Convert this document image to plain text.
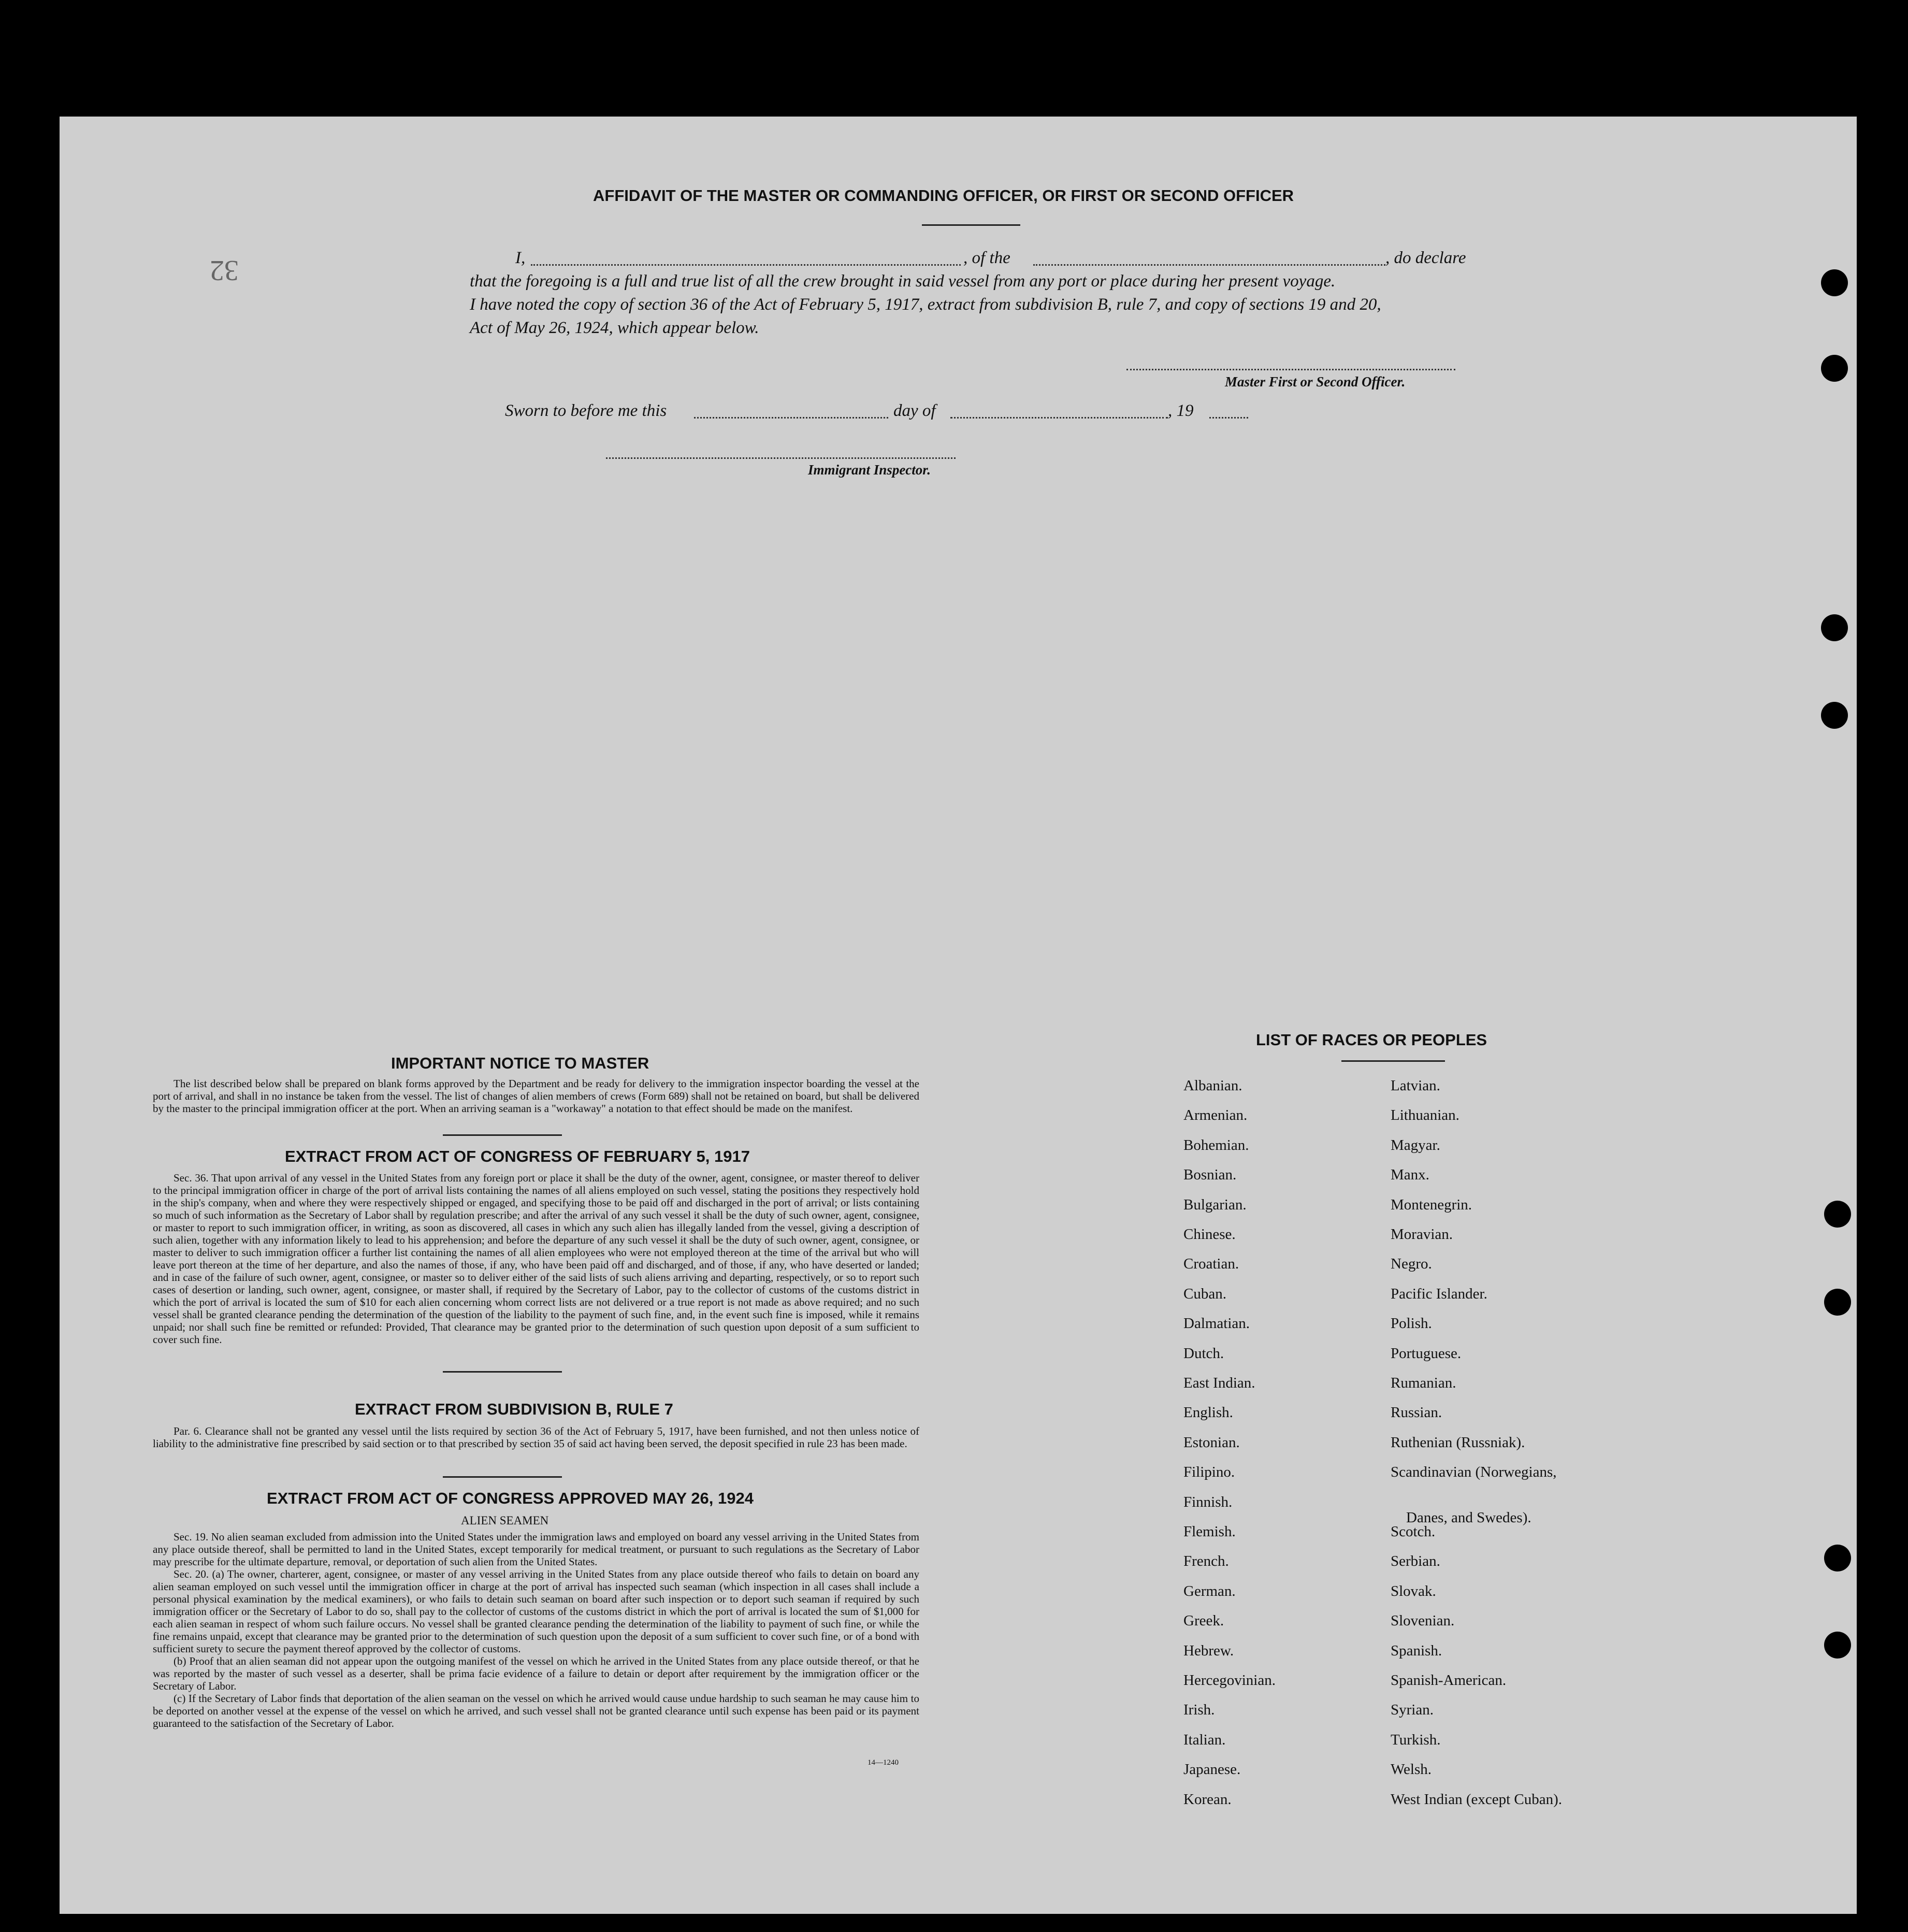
32
AFFIDAVIT OF THE MASTER OR COMMANDING OFFICER, OR FIRST OR SECOND OFFICER
I,	, of the	, do declare
that the foregoing is a full and true list of all the crew brought in said vessel from any port or place during her present voyage.
I have noted the copy of section 36 of the Act of February 5, 1917, extract from subdivision B, rule 7, and copy of sections 19 and 20,
Act of May 26, 1924, which appear below.
Master First or Second Officer.
Sworn to before me this	day of	, 19
Immigrant Inspector.
IMPORTANT NOTICE TO MASTER
The list described below shall be prepared on blank forms approved by the Department and be ready for delivery to the immigration inspector boarding the vessel at the port of arrival, and shall in no instance be taken from the vessel. The list of changes of alien members of crews (Form 689) shall not be retained on board, but shall be delivered by the master to the principal immigration officer at the port. When an arriving seaman is a "workaway" a notation to that effect should be made on the manifest.
EXTRACT FROM ACT OF CONGRESS OF FEBRUARY 5, 1917
Sec. 36. That upon arrival of any vessel in the United States from any foreign port or place it shall be the duty of the owner, agent, consignee, or master thereof to deliver to the principal immigration officer in charge of the port of arrival lists containing the names of all aliens employed on such vessel, stating the positions they respectively hold in the ship's company, when and where they were respectively shipped or engaged, and specifying those to be paid off and discharged in the port of arrival; or lists containing so much of such information as the Secretary of Labor shall by regulation prescribe; and after the arrival of any such vessel it shall be the duty of such owner, agent, consignee, or master to report to such immigration officer, in writing, as soon as discovered, all cases in which any such alien has illegally landed from the vessel, giving a description of such alien, together with any information likely to lead to his apprehension; and before the departure of any such vessel it shall be the duty of such owner, agent, consignee, or master to deliver to such immigration officer a further list containing the names of all alien employees who were not employed thereon at the time of the arrival but who will leave port thereon at the time of her departure, and also the names of those, if any, who have been paid off and discharged, and of those, if any, who have deserted or landed; and in case of the failure of such owner, agent, consignee, or master so to deliver either of the said lists of such aliens arriving and departing, respectively, or so to report such cases of desertion or landing, such owner, agent, consignee, or master shall, if required by the Secretary of Labor, pay to the collector of customs of the customs district in which the port of arrival is located the sum of $10 for each alien concerning whom correct lists are not delivered or a true report is not made as above required; and no such vessel shall be granted clearance pending the determination of the question of the liability to the payment of such fine, and, in the event such fine is imposed, while it remains unpaid; nor shall such fine be remitted or refunded: Provided, That clearance may be granted prior to the determination of such question upon deposit of a sum sufficient to cover such fine.
EXTRACT FROM SUBDIVISION B, RULE 7
Par. 6. Clearance shall not be granted any vessel until the lists required by section 36 of the Act of February 5, 1917, have been furnished, and not then unless notice of liability to the administrative fine prescribed by said section or to that prescribed by section 35 of said act having been served, the deposit specified in rule 23 has been made.
EXTRACT FROM ACT OF CONGRESS APPROVED MAY 26, 1924
ALIEN SEAMEN
Sec. 19. No alien seaman excluded from admission into the United States under the immigration laws and employed on board any vessel arriving in the United States from any place outside thereof, shall be permitted to land in the United States, except temporarily for medical treatment, or pursuant to such regulations as the Secretary of Labor may prescribe for the ultimate departure, removal, or deportation of such alien from the United States.
Sec. 20. (a) The owner, charterer, agent, consignee, or master of any vessel arriving in the United States from any place outside thereof who fails to detain on board any alien seaman employed on such vessel until the immigration officer in charge at the port of arrival has inspected such seaman (which inspection in all cases shall include a personal physical examination by the medical examiners), or who fails to detain such seaman on board after such inspection or to deport such seaman if required by such immigration officer or the Secretary of Labor to do so, shall pay to the collector of customs of the customs district in which the port of arrival is located the sum of $1,000 for each alien seaman in respect of whom such failure occurs. No vessel shall be granted clearance pending the determination of the liability to payment of such fine, or while the fine remains unpaid, except that clearance may be granted prior to the determination of such question upon the deposit of a sum sufficient to cover such fine, or of a bond with sufficient surety to secure the payment thereof approved by the collector of customs.
(b) Proof that an alien seaman did not appear upon the outgoing manifest of the vessel on which he arrived in the United States from any place outside thereof, or that he was reported by the master of such vessel as a deserter, shall be prima facie evidence of a failure to detain or deport after requirement by the immigration officer or the Secretary of Labor.
(c) If the Secretary of Labor finds that deportation of the alien seaman on the vessel on which he arrived would cause undue hardship to such seaman he may cause him to be deported on another vessel at the expense of the vessel on which he arrived, and such vessel shall not be granted clearance until such expense has been paid or its payment guaranteed to the satisfaction of the Secretary of Labor.
14—1240
LIST OF RACES OR PEOPLES
Danes, and Swedes).
Albanian.
Armenian.
Bohemian.
Bosnian.
Bulgarian.
Chinese.
Croatian.
Cuban.
Dalmatian.
Dutch.
East Indian.
English.
Estonian.
Filipino.
Finnish.
Flemish.
French.
German.
Greek.
Hebrew.
Hercegovinian.
Irish.
Italian.
Japanese.
Korean.
Latvian.
Lithuanian.
Magyar.
Manx.
Montenegrin.
Moravian.
Negro.
Pacific Islander.
Polish.
Portuguese.
Rumanian.
Russian.
Ruthenian (Russniak).
Scandinavian (Norwegians,
Scotch.
Serbian.
Slovak.
Slovenian.
Spanish.
Spanish-American.
Syrian.
Turkish.
Welsh.
West Indian (except Cuban).
